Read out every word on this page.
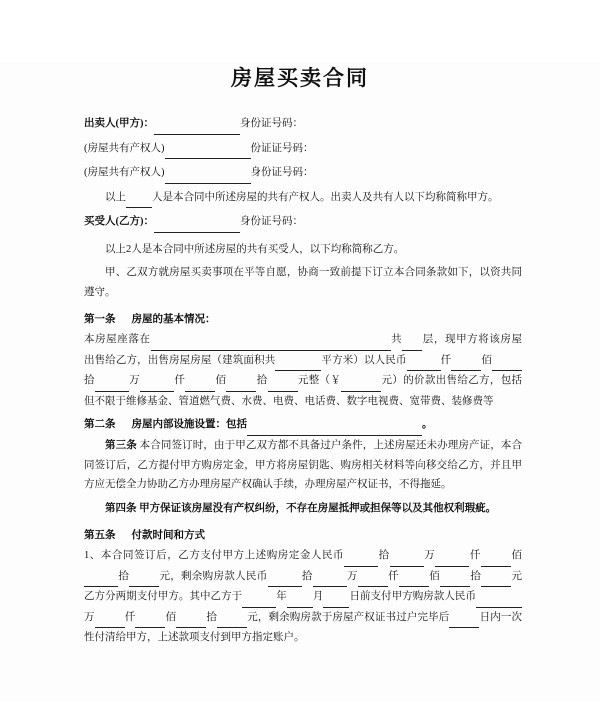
房屋买卖合同
出卖人(甲方)：	身份证号码：
(房屋共有产权人)	份证证号码：
(房屋共有产权人)	身份证号码：
以上 人是本合同中所述房屋的共有产权人。出卖人及共有人以下均称简称甲方。
买受人(乙方)：	身份证号码：
以上2人是本合同中所述房屋的共有买受人，以下均称简称乙方。
甲、乙双方就房屋买卖事项在平等自愿，协商一致前提下订立本合同条款如下，以资共同遵守。
第一条 房屋的基本情况：
本房屋座落在	共 层，现甲方将该房屋出售给乙方，出售房屋房屋（建筑面积共	平方米）以人民币	仟	佰 拾	万	仟	佰	拾	元整（￥	元）的价款出售给乙方，包括但不限于维修基金、管道燃气费、水费、电费、电话费、数字电视费、宽带费、装修费等
第二条 房屋内部设施设置：包括	。
第三条 本合同签订时，由于甲乙双方都不具备过户条件，上述房屋还未办理房产证，本合同签订后，乙方提付甲方购房定金，甲方将房屋钥匙、购房相关材料等向移交给乙方，并且甲方应无偿全力协助乙方办理房屋产权确认手续，办理房屋产权证书，不得拖延。
第四条 甲方保证该房屋没有产权纠纷，不存在房屋抵押或担保等以及其他权利瑕疵。
第五条 付款时间和方式
1、本合同签订后，乙方支付甲方上述购房定金人民币	拾	万	仟	佰 拾	元，剩余购房款人民币	拾	万	仟	佰	拾	元乙方分两期支付甲方。其中乙方于	年 月 日前支付甲方购房款人民币 万	仟	佰	拾	元，剩余购房款于房屋产权证书过户完毕后	日内一次性付清给甲方，上述款项支付到甲方指定账户。
